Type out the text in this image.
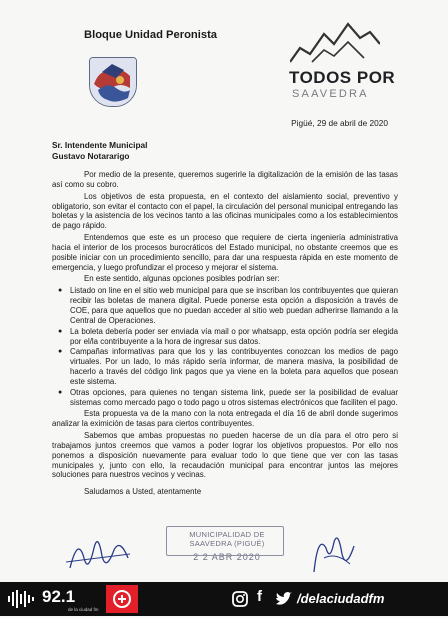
Bloque Unidad Peronista
TODOS POR
SAAVEDRA
Pigüé, 29 de abril de 2020
Sr. Intendente Municipal
Gustavo Notararigo

Por medio de la presente, queremos sugerirle la digitalización de la emisión de las tasas así como su cobro.

Los objetivos de esta propuesta, en el contexto del aislamiento social, preventivo y obligatorio, son evitar el contacto con el papel, la circulación del personal municipal entregando las boletas y la asistencia de los vecinos tanto a las oficinas municipales como a los establecimientos de pago rápido.

Entendemos que este es un proceso que requiere de cierta ingeniería administrativa hacia el interior de los procesos burocráticos del Estado municipal, no obstante creemos que es posible iniciar con un procedimiento sencillo, para dar una respuesta rápida en este momento de emergencia, y luego profundizar el proceso y mejorar el sistema.

En este sentido, algunas opciones posibles podrían ser:

● Listado on line en el sitio web municipal para que se inscriban los contribuyentes que quieran recibir las boletas de manera digital. Puede ponerse esta opción a disposición a través de COE, para que aquellos que no puedan acceder al sitio web puedan adherirse llamando a la Central de Operaciones.
● La boleta debería poder ser enviada vía mail o por whatsapp, esta opción podría ser elegida por el/la contribuyente a la hora de ingresar sus datos.
● Campañas informativas para que los y las contribuyentes conozcan los medios de pago virtuales. Por un lado, lo más rápido sería informar, de manera masiva, la posibilidad de hacerlo a través del código link pagos que ya viene en la boleta para aquellos que posean este sistema.
● Otras opciones, para quienes no tengan sistema link, puede ser la posibilidad de evaluar sistemas como mercado pago o todo pago u otros sistemas electrónicos que faciliten el pago.

Esta propuesta va de la mano con la nota entregada el día 16 de abril donde sugerimos analizar la eximición de tasas para ciertos contribuyentes.

Sabemos que ambas propuestas no pueden hacerse de un día para el otro pero si trabajamos juntos creemos que vamos a poder lograr los objetivos propuestos. Por ello nos ponemos a disposición nuevamente para evaluar todo lo que tiene que ver con las tasas municipales y, junto con ello, la recaudación municipal para encontrar juntos las mejores soluciones para nuestros vecinos y vecinas.

Saludamos a Usted, atentamente

MUNICIPALIDAD DE
SAAVEDRA (PIGUÉ)
2 2 ABR 2020
92.1
de la ciudad fm
f	/delaciudadfm
